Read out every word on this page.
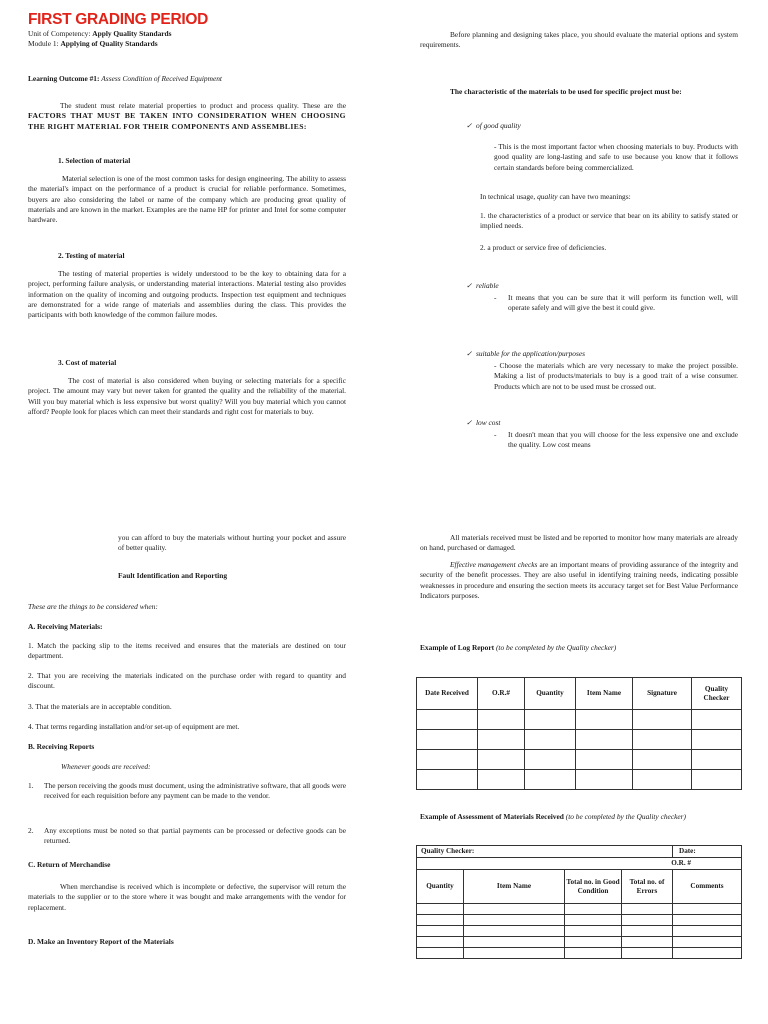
FIRST GRADING PERIOD
Unit of Competency: Apply Quality Standards
Module 1: Applying of Quality Standards
Learning Outcome #1: Assess Condition of Received Equipment
The student must relate material properties to product and process quality. These are the FACTORS THAT MUST BE TAKEN INTO CONSIDERATION WHEN CHOOSING THE RIGHT MATERIAL FOR THEIR COMPONENTS AND ASSEMBLIES:
1. Selection of material
Material selection is one of the most common tasks for design engineering. The ability to assess the material's impact on the performance of a product is crucial for reliable performance. Sometimes, buyers are also considering the label or name of the company which are producing great quality of materials and are known in the market. Examples are the name HP for printer and Intel for some computer hardware.
2. Testing of material
The testing of material properties is widely understood to be the key to obtaining data for a project, performing failure analysis, or understanding material interactions. Material testing also provides information on the quality of incoming and outgoing products. Inspection test equipment and techniques are demonstrated for a wide range of materials and assemblies during the class. This provides the participants with both knowledge of the common failure modes.
3. Cost of material
The cost of material is also considered when buying or selecting materials for a specific project. The amount may vary but never taken for granted the quality and the reliability of the material. Will you buy material which is less expensive but worst quality? Will you buy material which you cannot afford? People look for places which can meet their standards and right cost for materials to buy.
Before planning and designing takes place, you should evaluate the material options and system requirements.
The characteristic of the materials to be used for specific project must be:
✓ of good quality
- This is the most important factor when choosing materials to buy. Products with good quality are long-lasting and safe to use because you know that it follows certain standards before being commercialized.
In technical usage, quality can have two meanings:
1. the characteristics of a product or service that bear on its ability to satisfy stated or implied needs.
2. a product or service free of deficiencies.
✓ reliable
- It means that you can be sure that it will perform its function well, will operate safely and will give the best it could give.
✓ suitable for the application/purposes
- Choose the materials which are very necessary to make the project possible. Making a list of products/materials to buy is a good trait of a wise consumer. Products which are not to be used must be crossed out.
✓ low cost
- It doesn't mean that you will choose for the less expensive one and exclude the quality. Low cost means
you can afford to buy the materials without hurting your pocket and assure of better quality.
Fault Identification and Reporting
These are the things to be considered when:
A. Receiving Materials:
1. Match the packing slip to the items received and ensures that the materials are destined on tour department.
2. That you are receiving the materials indicated on the purchase order with regard to quantity and discount.
3. That the materials are in acceptable condition.
4. That terms regarding installation and/or set-up of equipment are met.
B. Receiving Reports
Whenever goods are received:
1. The person receiving the goods must document, using the administrative software, that all goods were received for each requisition before any payment can be made to the vendor.
2. Any exceptions must be noted so that partial payments can be processed or defective goods can be returned.
C. Return of Merchandise
When merchandise is received which is incomplete or defective, the supervisor will return the materials to the supplier or to the store where it was bought and make arrangements with the vendor for replacement.
D. Make an Inventory Report of the Materials
All materials received must be listed and be reported to monitor how many materials are already on hand, purchased or damaged.
Effective management checks are an important means of providing assurance of the integrity and security of the benefit processes. They are also useful in identifying training needs, indicating possible weaknesses in procedure and ensuring the section meets its accuracy target set for Best Value Performance Indicators purposes.
Example of Log Report (to be completed by the Quality checker)
Date Received	O.R.#	Quantity	Item Name	Signature	Quality Checker

Example of Assessment of Materials Received (to be completed by the Quality checker)
Quality Checker:				Date:
O.R. #				
Quantity	Item Name	Total no. in Good Condition	Total no. of Errors	Comments
